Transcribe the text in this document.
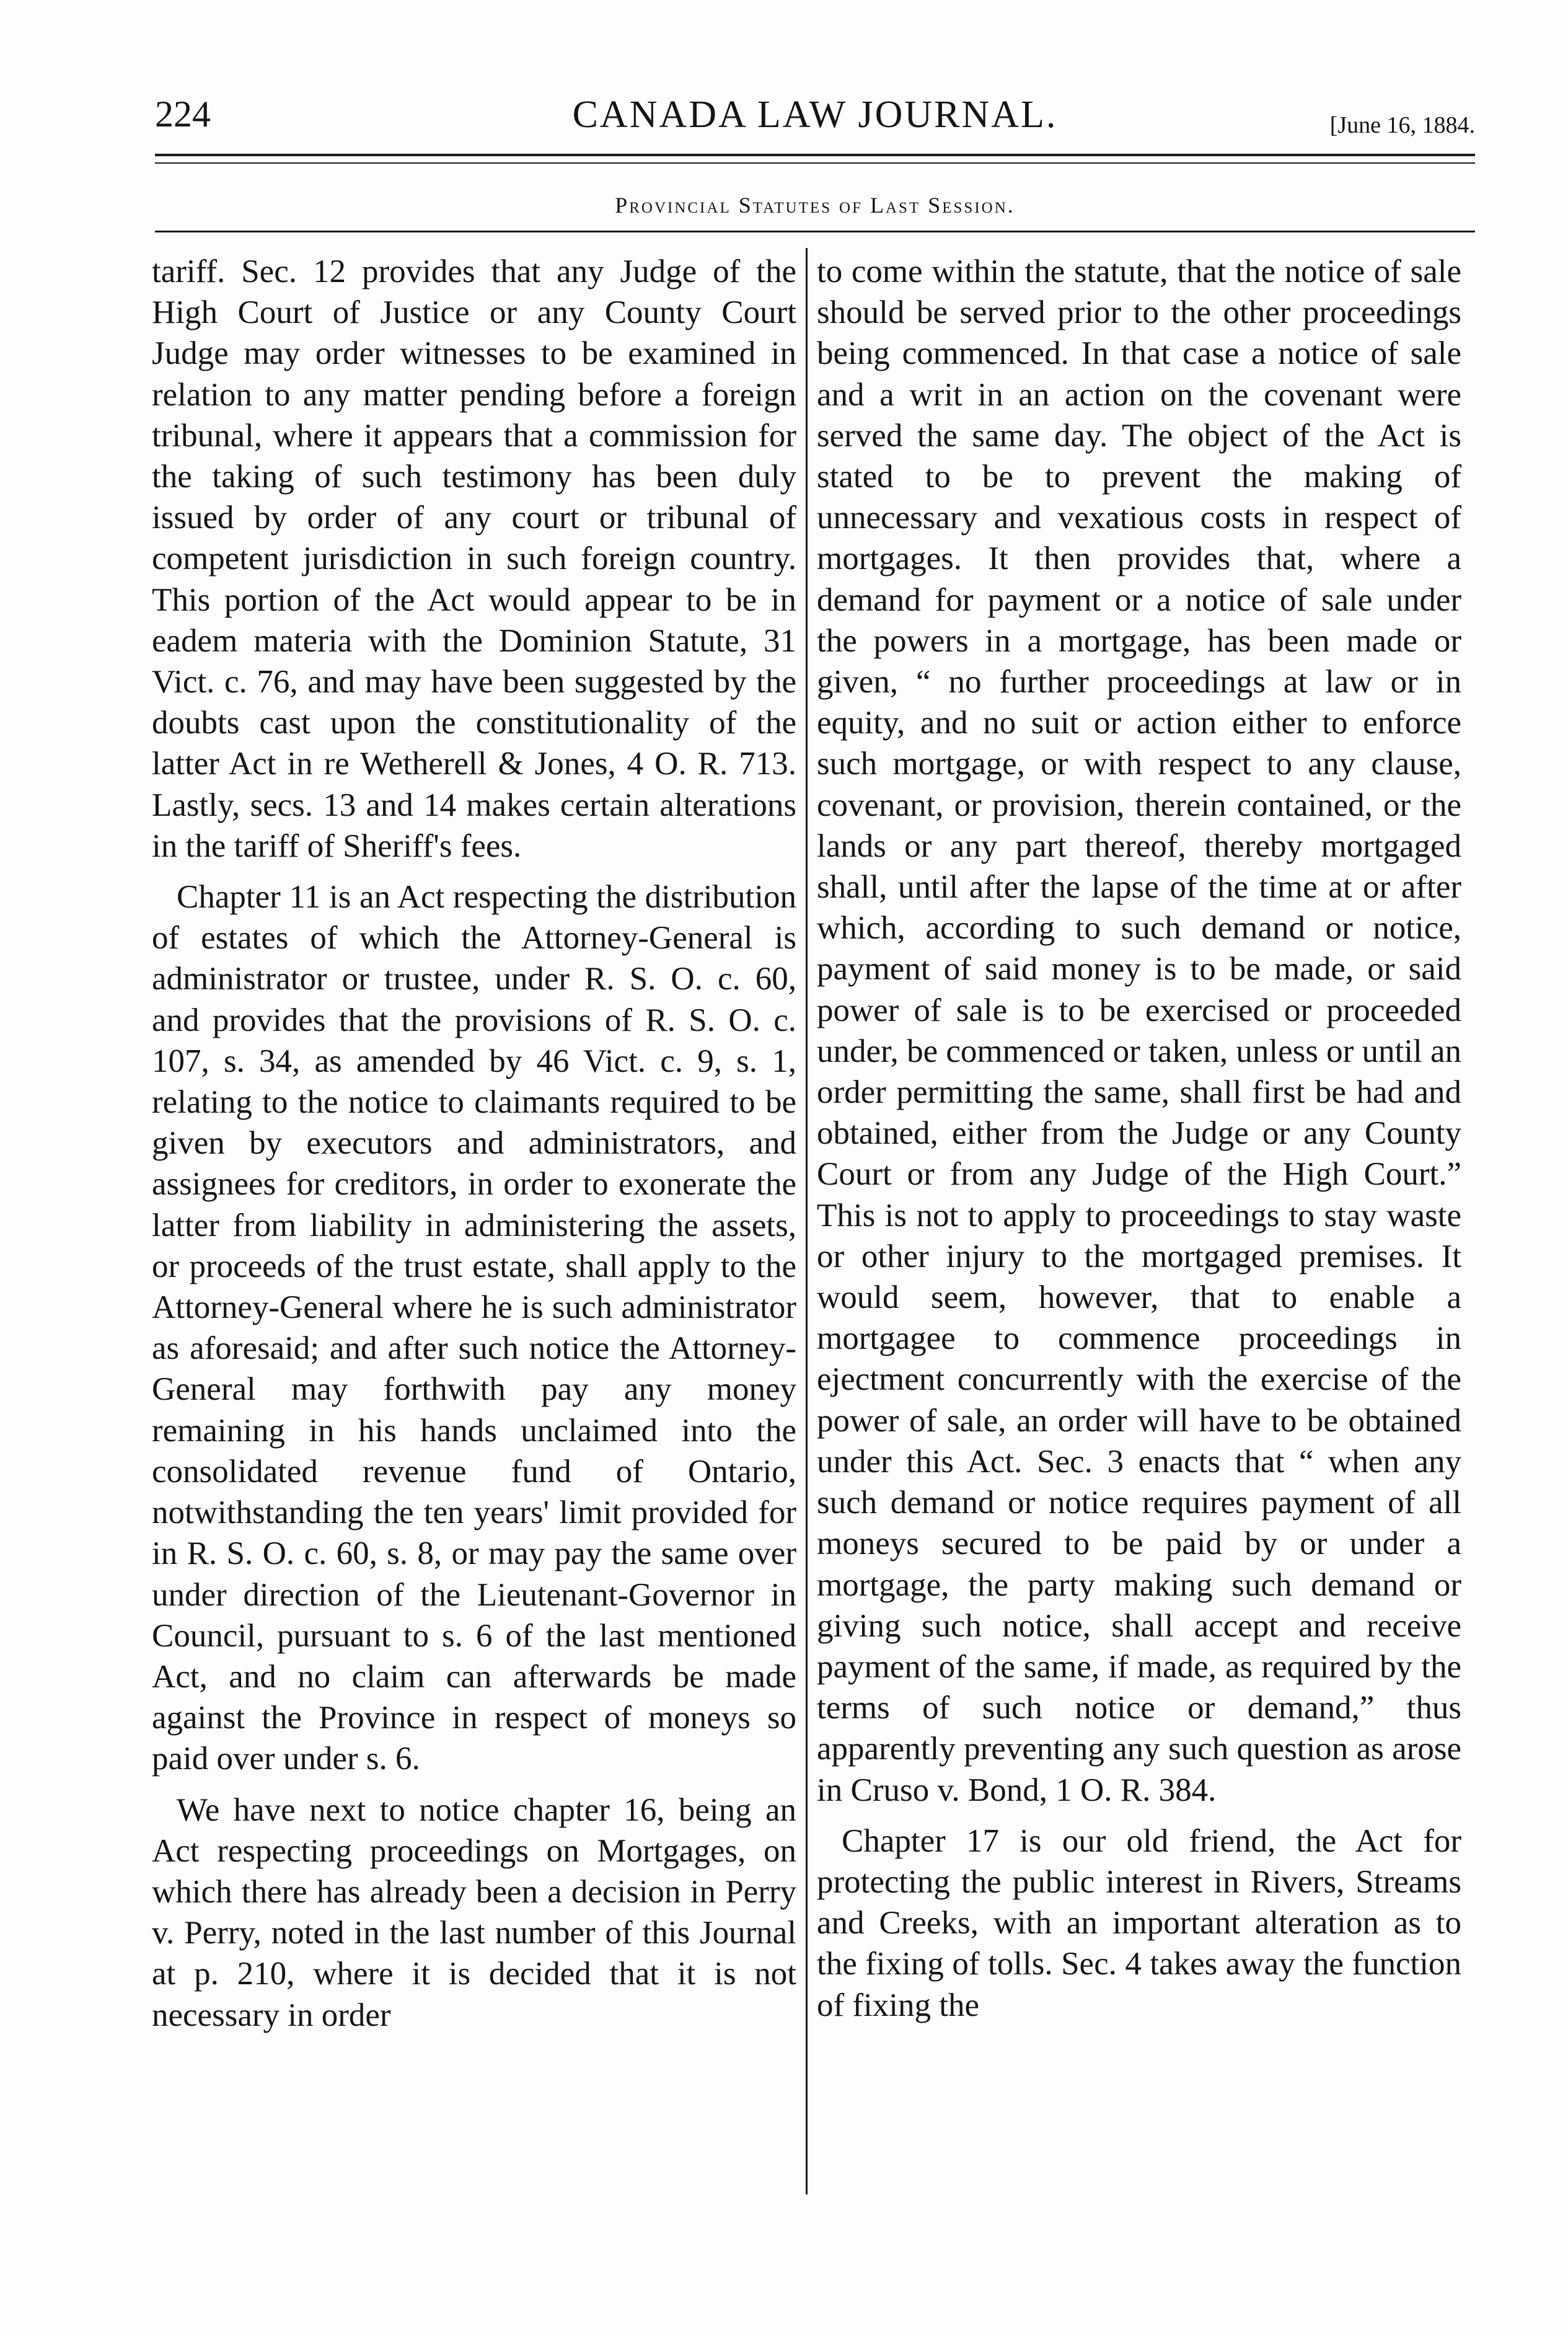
224	CANADA LAW JOURNAL.	[June 16, 1884.
Provincial Statutes of Last Session.

tariff. Sec. 12 provides that any Judge of the High Court of Justice or any County Court Judge may order witnesses to be examined in relation to any matter pending before a foreign tribunal, where it appears that a commission for the taking of such testimony has been duly issued by order of any court or tribunal of competent jurisdiction in such foreign country. This portion of the Act would appear to be in eadem materia with the Dominion Statute, 31 Vict. c. 76, and may have been suggested by the doubts cast upon the constitutionality of the latter Act in re Wetherell & Jones, 4 O. R. 713. Lastly, secs. 13 and 14 makes certain alterations in the tariff of Sheriff's fees.

Chapter 11 is an Act respecting the distribution of estates of which the Attorney-General is administrator or trustee, under R. S. O. c. 60, and provides that the provisions of R. S. O. c. 107, s. 34, as amended by 46 Vict. c. 9, s. 1, relating to the notice to claimants required to be given by executors and administrators, and assignees for creditors, in order to exonerate the latter from liability in administering the assets, or proceeds of the trust estate, shall apply to the Attorney-General where he is such administrator as aforesaid; and after such notice the Attorney-General may forthwith pay any money remaining in his hands unclaimed into the consolidated revenue fund of Ontario, notwithstanding the ten years' limit provided for in R. S. O. c. 60, s. 8, or may pay the same over under direction of the Lieutenant-Governor in Council, pursuant to s. 6 of the last mentioned Act, and no claim can afterwards be made against the Province in respect of moneys so paid over under s. 6.

We have next to notice chapter 16, being an Act respecting proceedings on Mortgages, on which there has already been a decision in Perry v. Perry, noted in the last number of this Journal at p. 210, where it is decided that it is not necessary in order

to come within the statute, that the notice of sale should be served prior to the other proceedings being commenced. In that case a notice of sale and a writ in an action on the covenant were served the same day. The object of the Act is stated to be to prevent the making of unnecessary and vexatious costs in respect of mortgages. It then provides that, where a demand for payment or a notice of sale under the powers in a mortgage, has been made or given, “ no further proceedings at law or in equity, and no suit or action either to enforce such mortgage, or with respect to any clause, covenant, or provision, therein contained, or the lands or any part thereof, thereby mortgaged shall, until after the lapse of the time at or after which, according to such demand or notice, payment of said money is to be made, or said power of sale is to be exercised or proceeded under, be commenced or taken, unless or until an order permitting the same, shall first be had and obtained, either from the Judge or any County Court or from any Judge of the High Court.” This is not to apply to proceedings to stay waste or other injury to the mortgaged premises. It would seem, however, that to enable a mortgagee to commence proceedings in ejectment concurrently with the exercise of the power of sale, an order will have to be obtained under this Act. Sec. 3 enacts that “ when any such demand or notice requires payment of all moneys secured to be paid by or under a mortgage, the party making such demand or giving such notice, shall accept and receive payment of the same, if made, as required by the terms of such notice or demand,” thus apparently preventing any such question as arose in Cruso v. Bond, 1 O. R. 384.

Chapter 17 is our old friend, the Act for protecting the public interest in Rivers, Streams and Creeks, with an important alteration as to the fixing of tolls. Sec. 4 takes away the function of fixing the
